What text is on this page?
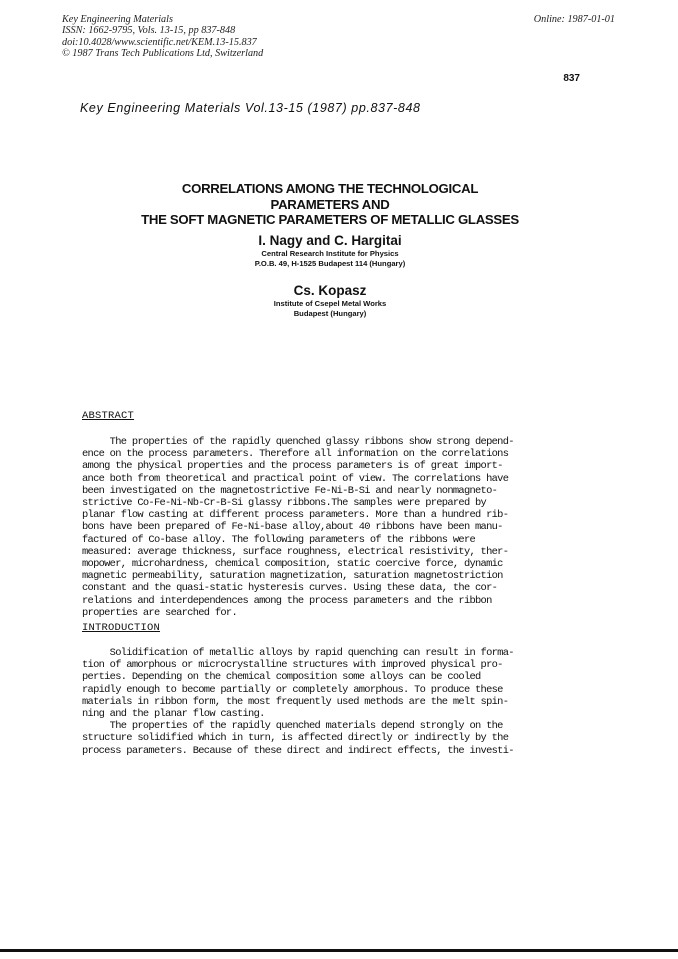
Key Engineering Materials
ISSN: 1662-9795, Vols. 13-15, pp 837-848
doi:10.4028/www.scientific.net/KEM.13-15.837
© 1987 Trans Tech Publications Ltd, Switzerland
Online: 1987-01-01
837
Key Engineering Materials Vol.13-15 (1987) pp.837-848
CORRELATIONS AMONG THE TECHNOLOGICAL
PARAMETERS AND
THE SOFT MAGNETIC PARAMETERS OF METALLIC GLASSES
I. Nagy and C. Hargitai
Central Research Institute for Physics
P.O.B. 49, H-1525 Budapest 114 (Hungary)
Cs. Kopasz
Institute of Csepel Metal Works
Budapest (Hungary)
ABSTRACT
The properties of the rapidly quenched glassy ribbons show strong depend-
ence on the process parameters. Therefore all information on the correlations
among the physical properties and the process parameters is of great import-
ance both from theoretical and practical point of view. The correlations have
been investigated on the magnetostrictive Fe-Ni-B-Si and nearly nonmagneto-
strictive Co-Fe-Ni-Nb-Cr-B-Si glassy ribbons.The samples were prepared by
planar flow casting at different process parameters. More than a hundred rib-
bons have been prepared of Fe-Ni-base alloy,about 40 ribbons have been manu-
factured of Co-base alloy. The following parameters of the ribbons were
measured: average thickness, surface roughness, electrical resistivity, ther-
mopower, microhardness, chemical composition, static coercive force, dynamic
magnetic permeability, saturation magnetization, saturation magnetostriction
constant and the quasi-static hysteresis curves. Using these data, the cor-
relations and interdependences among the process parameters and the ribbon
properties are searched for.
INTRODUCTION
Solidification of metallic alloys by rapid quenching can result in forma-
tion of amorphous or microcrystalline structures with improved physical pro-
perties. Depending on the chemical composition some alloys can be cooled
rapidly enough to become partially or completely amorphous. To produce these
materials in ribbon form, the most frequently used methods are the melt spin-
ning and the planar flow casting.
The properties of the rapidly quenched materials depend strongly on the
structure solidified which in turn, is affected directly or indirectly by the
process parameters. Because of these direct and indirect effects, the investi-
